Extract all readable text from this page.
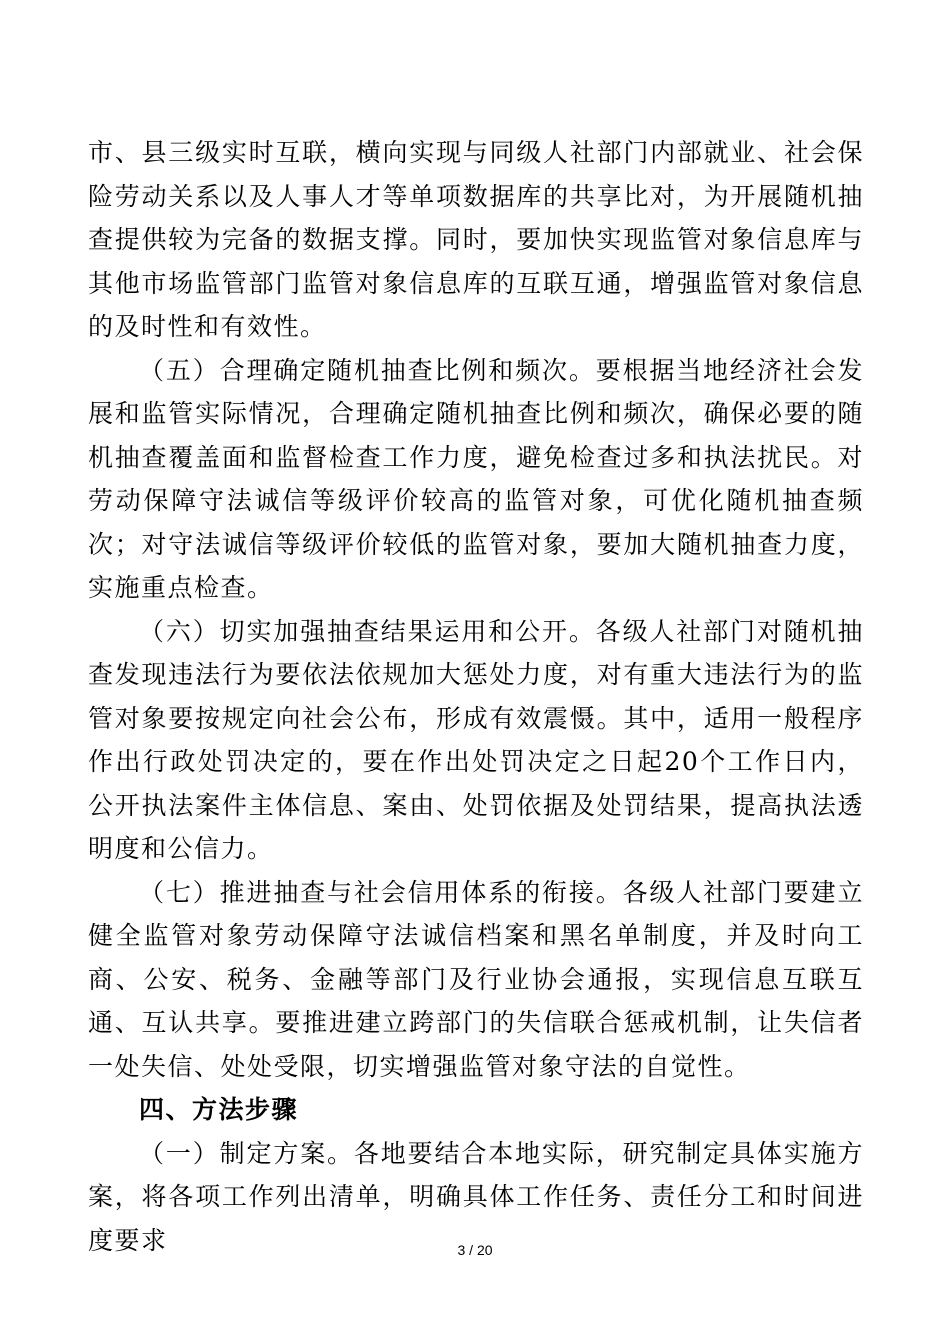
市、县三级实时互联，横向实现与同级人社部门内部就业、社会保险劳动关系以及人事人才等单项数据库的共享比对，为开展随机抽查提供较为完备的数据支撑。同时，要加快实现监管对象信息库与其他市场监管部门监管对象信息库的互联互通，增强监管对象信息的及时性和有效性。

（五）合理确定随机抽查比例和频次。要根据当地经济社会发展和监管实际情况，合理确定随机抽查比例和频次，确保必要的随机抽查覆盖面和监督检查工作力度，避免检查过多和执法扰民。对劳动保障守法诚信等级评价较高的监管对象，可优化随机抽查频次；对守法诚信等级评价较低的监管对象，要加大随机抽查力度，实施重点检查。

（六）切实加强抽查结果运用和公开。各级人社部门对随机抽查发现违法行为要依法依规加大惩处力度，对有重大违法行为的监管对象要按规定向社会公布，形成有效震慑。其中，适用一般程序作出行政处罚决定的，要在作出处罚决定之日起20个工作日内，公开执法案件主体信息、案由、处罚依据及处罚结果，提高执法透明度和公信力。

（七）推进抽查与社会信用体系的衔接。各级人社部门要建立健全监管对象劳动保障守法诚信档案和黑名单制度，并及时向工商、公安、税务、金融等部门及行业协会通报，实现信息互联互通、互认共享。要推进建立跨部门的失信联合惩戒机制，让失信者一处失信、处处受限，切实增强监管对象守法的自觉性。

四、方法步骤

（一）制定方案。各地要结合本地实际，研究制定具体实施方案，将各项工作列出清单，明确具体工作任务、责任分工和时间进度要求	3 / 20
